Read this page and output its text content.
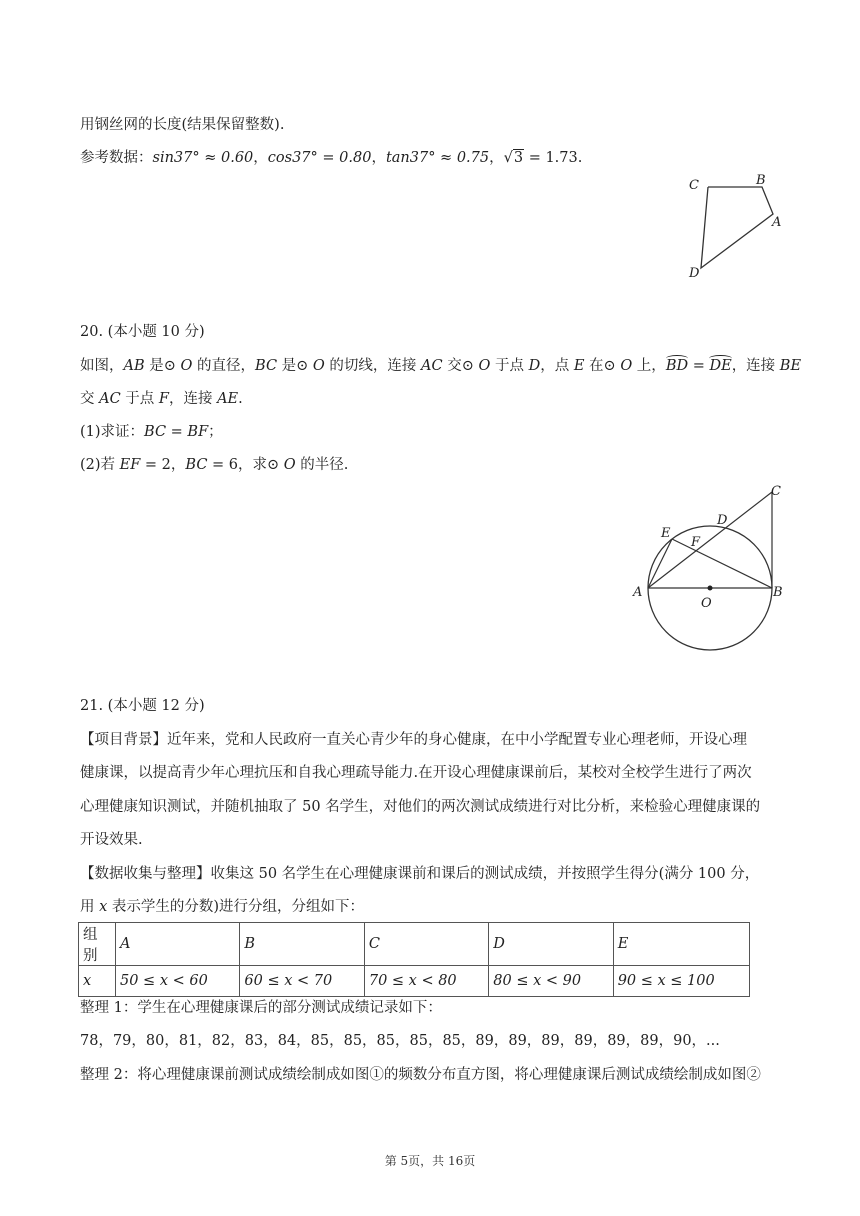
用钢丝网的长度(结果保留整数).
参考数据：sin37° ≈ 0.60，cos37° = 0.80，tan37° ≈ 0.75，√3 = 1.73.
C	B
A
D
20. (本小题 10 分)
如图，AB 是⊙ O 的直径，BC 是⊙ O 的切线，连接 AC 交⊙ O 于点 D，点 E 在⊙ O 上，BD = DE，连接 BE
交 AC 于点 F，连接 AE.
(1)求证：BC = BF；
(2)若 EF = 2，BC = 6，求⊙ O 的半径.
C
D
E
F
A
O
B
21. (本小题 12 分)
【项目背景】近年来，党和人民政府一直关心青少年的身心健康，在中小学配置专业心理老师，开设心理
健康课，以提高青少年心理抗压和自我心理疏导能力.在开设心理健康课前后，某校对全校学生进行了两次
心理健康知识测试，并随机抽取了 50 名学生，对他们的两次测试成绩进行对比分析，来检验心理健康课的
开设效果.
【数据收集与整理】收集这 50 名学生在心理健康课前和课后的测试成绩，并按照学生得分(满分 100 分，
用 x 表示学生的分数)进行分组，分组如下：
组别	A	B	C	D	E
x	50 ≤ x < 60	60 ≤ x < 70	70 ≤ x < 80	80 ≤ x < 90	90 ≤ x ≤ 100
整理 1：学生在心理健康课后的部分测试成绩记录如下：
78，79，80，81，82，83，84，85，85，85，85，85，89，89，89，89，89，89，90，...
整理 2：将心理健康课前测试成绩绘制成如图①的频数分布直方图，将心理健康课后测试成绩绘制成如图②
第 5页，共 16页
